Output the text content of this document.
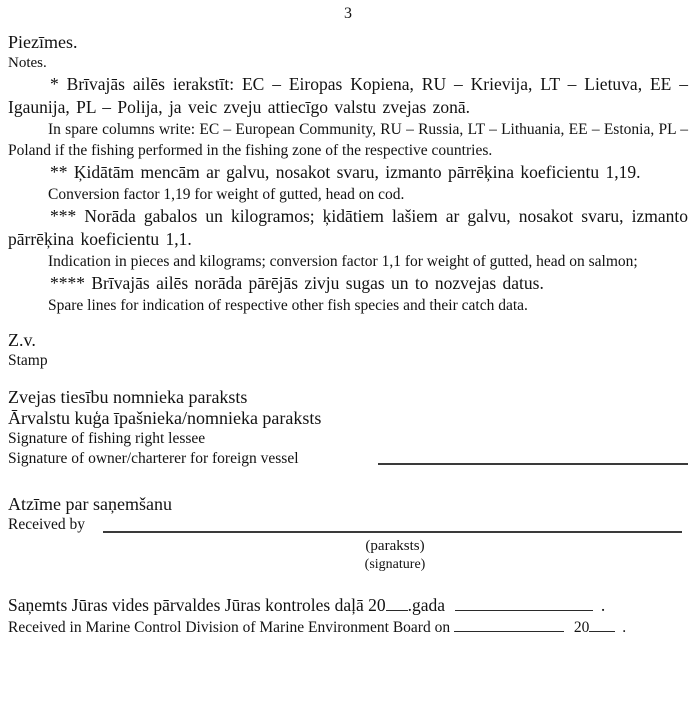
3
Piezīmes.
Notes.

* Brīvajās ailēs ierakstīt: EC – Eiropas Kopiena, RU – Krievija, LT – Lietuva, EE – Igaunija, PL – Polija, ja veic zveju attiecīgo valstu zvejas zonā.

In spare columns write: EC – European Community, RU – Russia, LT – Lithuania, EE – Estonia, PL – Poland if the fishing performed in the fishing zone of the respective countries.

** Ķidātām mencām ar galvu, nosakot svaru, izmanto pārrēķina koeficientu 1,19.

Conversion factor 1,19 for weight of gutted, head on cod.

*** Norāda gabalos un kilogramos; ķidātiem lašiem ar galvu, nosakot svaru, izmanto pārrēķina koeficientu 1,1.

Indication in pieces and kilograms; conversion factor 1,1 for weight of gutted, head on salmon;

**** Brīvajās ailēs norāda pārējās zivju sugas un to nozvejas datus.

Spare lines for indication of respective other fish species and their catch data.

Z.v.
Stamp
Zvejas tiesību nomnieka paraksts
Ārvalstu kuģa īpašnieka/nomnieka paraksts
Signature of fishing right lessee
Signature of owner/charterer for foreign vessel
Atzīme par saņemšanu
Received by
(paraksts)
(signature)
Saņemts Jūras vides pārvaldes Jūras kontroles daļā 20 .gada	.
Received in Marine Control Division of Marine Environment Board on	20 .
